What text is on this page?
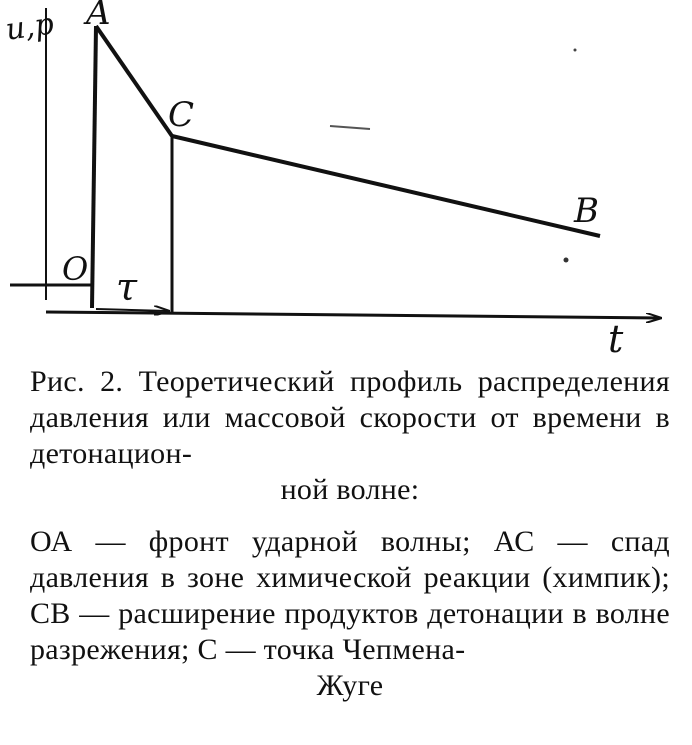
u,p A
C
B
O τ
t
Рис. 2. Теоретический профиль распределения давления или массовой скорости от времени в детонацион-
ной волне:
ОА — фронт ударной волны; АС — спад давления в зоне химической реакции (химпик); СВ — расширение продуктов детонации в волне разрежения; С — точка Чепмена-
Жуге
